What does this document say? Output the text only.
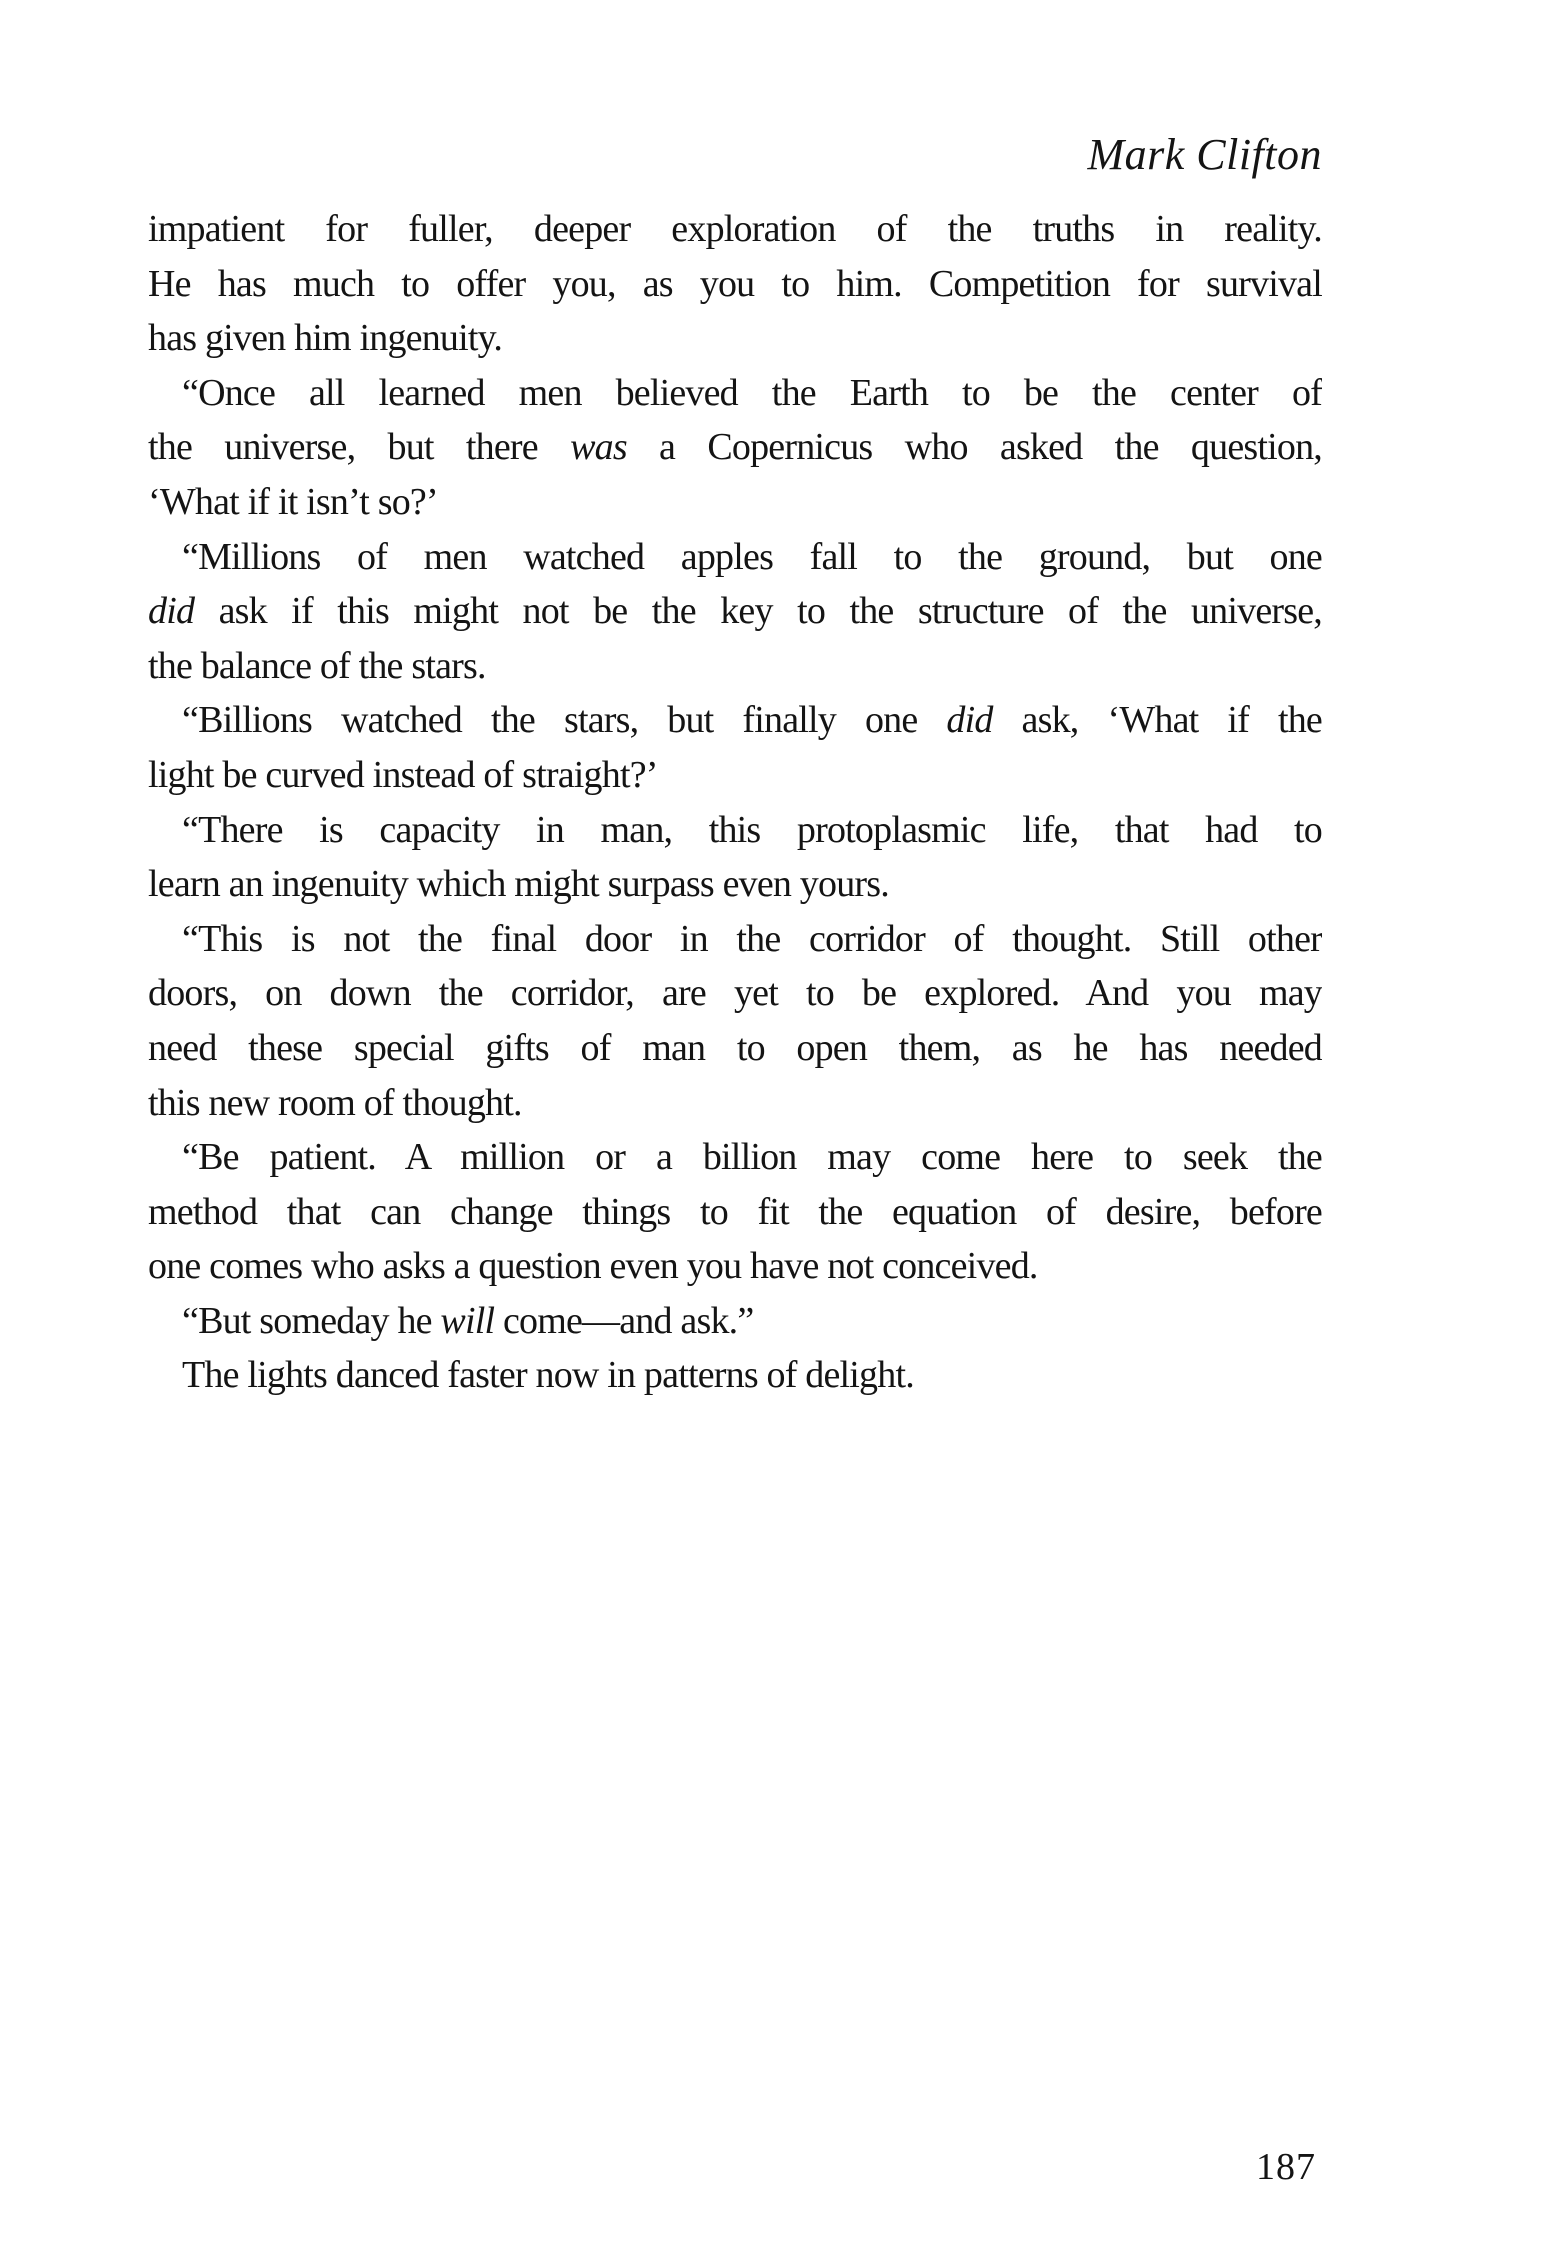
Mark Clifton
impatient for fuller, deeper exploration of the truths in reality.
He has much to offer you, as you to him. Competition for survival
has given him ingenuity.
“Once all learned men believed the Earth to be the center of
the universe, but there was a Copernicus who asked the question,
‘What if it isn’t so?’
“Millions of men watched apples fall to the ground, but one
did ask if this might not be the key to the structure of the universe,
the balance of the stars.
“Billions watched the stars, but finally one did ask, ‘What if the
light be curved instead of straight?’
“There is capacity in man, this protoplasmic life, that had to
learn an ingenuity which might surpass even yours.
“This is not the final door in the corridor of thought. Still other
doors, on down the corridor, are yet to be explored. And you may
need these special gifts of man to open them, as he has needed
this new room of thought.
“Be patient. A million or a billion may come here to seek the
method that can change things to fit the equation of desire, before
one comes who asks a question even you have not conceived.
“But someday he will come—and ask.”
The lights danced faster now in patterns of delight.
187
